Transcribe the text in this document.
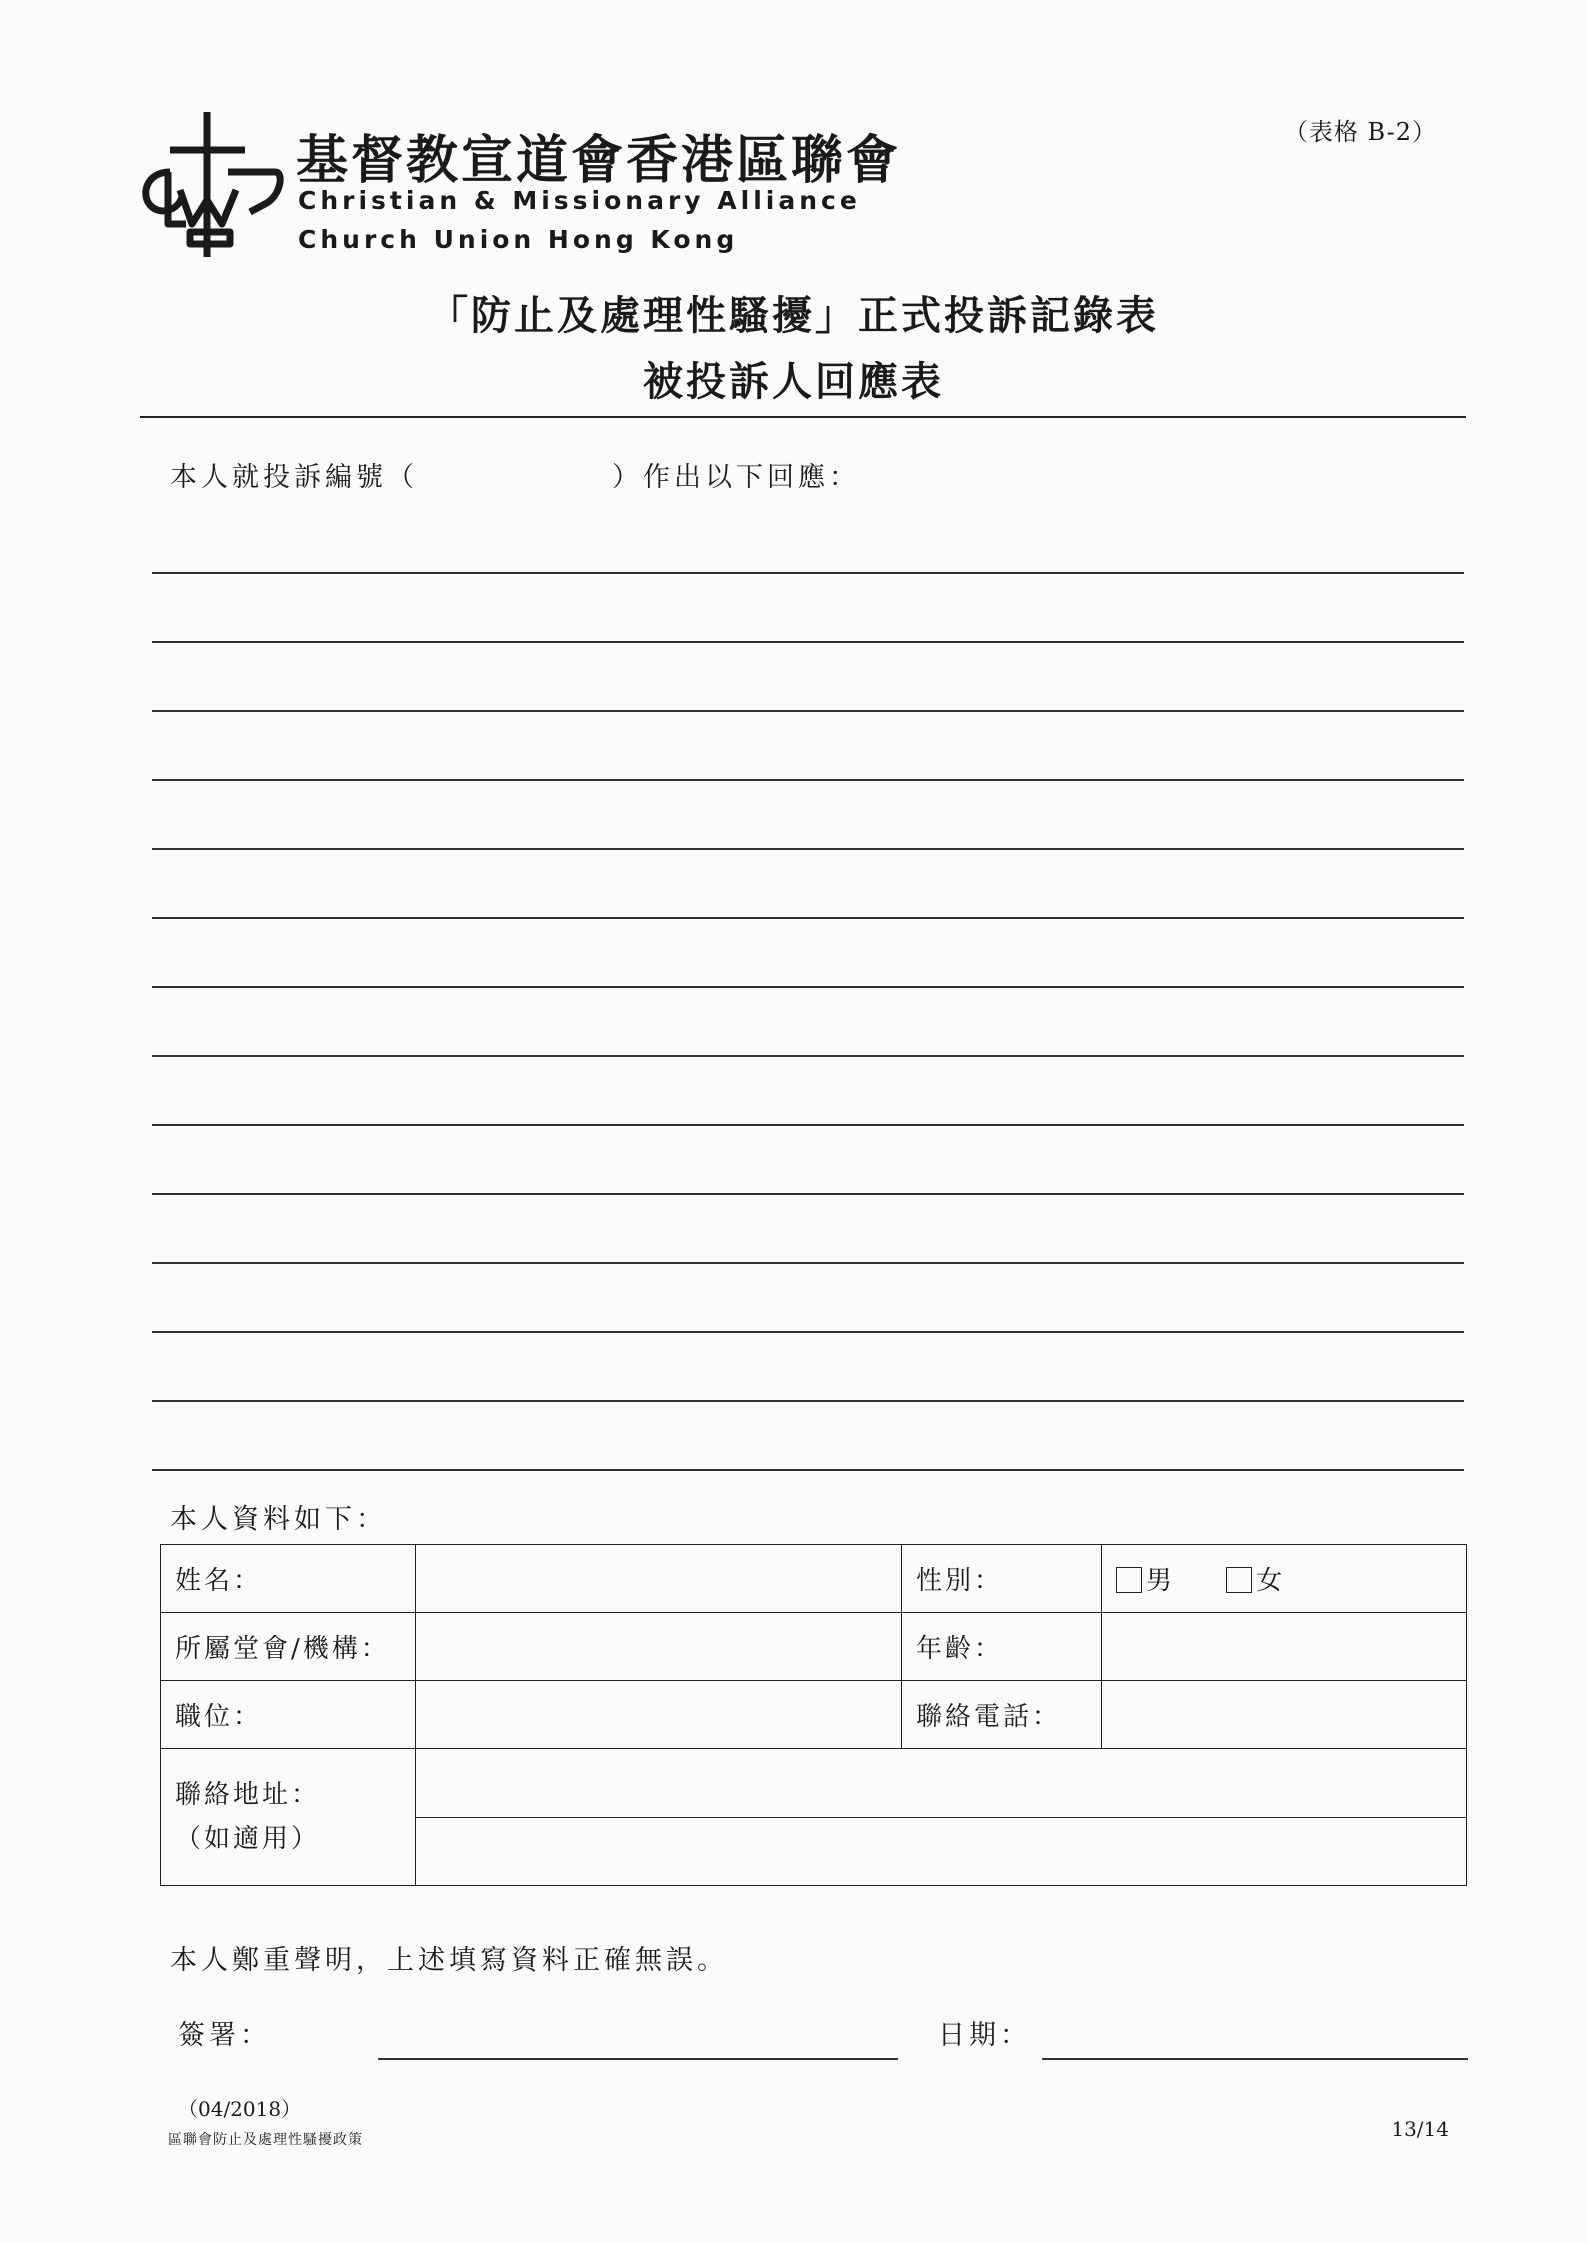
基督教宣道會香港區聯會
Christian & Missionary Alliance
Church Union Hong Kong
（表格 B-2）
「防止及處理性騷擾」正式投訴記錄表
被投訴人回應表
本人就投訴編號（	）作出以下回應：
本人資料如下：
姓名：		性別：	男 女
所屬堂會/機構：		年齡：	
職位：		聯絡電話：	

聯絡地址：
（如適用）			

本人鄭重聲明，上述填寫資料正確無誤。
簽署：	日期：
（04/2018）
區聯會防止及處理性騷擾政策	13/14
